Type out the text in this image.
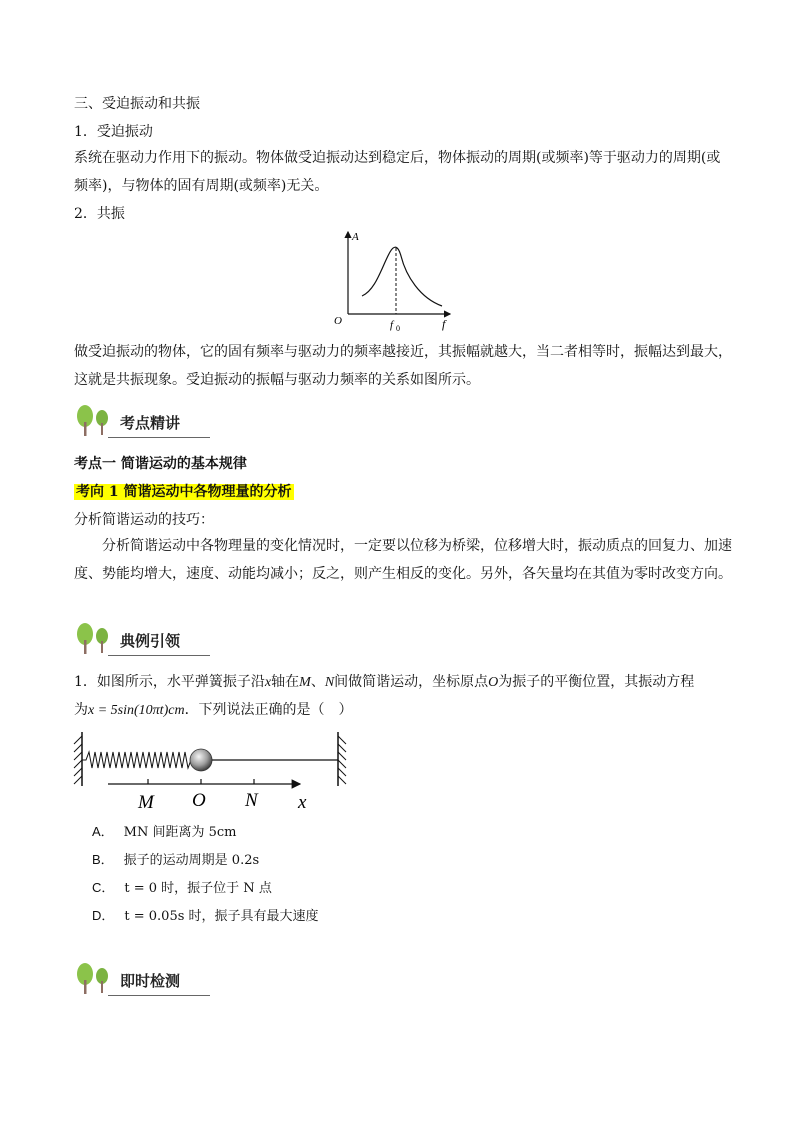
三、受迫振动和共振
1．受迫振动
系统在驱动力作用下的振动。物体做受迫振动达到稳定后，物体振动的周期(或频率)等于驱动力的周期(或频率)，与物体的固有周期(或频率)无关。
2．共振
A
O	f
f 0
做受迫振动的物体，它的固有频率与驱动力的频率越接近，其振幅就越大，当二者相等时，振幅达到最大，这就是共振现象。受迫振动的振幅与驱动力频率的关系如图所示。
考点精讲
考点一 简谐运动的基本规律
考向 1 简谐运动中各物理量的分析
分析简谐运动的技巧：
分析简谐运动中各物理量的变化情况时，一定要以位移为桥梁，位移增大时，振动质点的回复力、加速度、势能均增大，速度、动能均减小；反之，则产生相反的变化。另外，各矢量均在其值为零时改变方向。
典例引领
1．如图所示，水平弹簧振子沿x轴在M、N间做简谐运动，坐标原点O为振子的平衡位置，其振动方程
为x = 5sin(10πt)cm．下列说法正确的是（　）
M O N x
A． MN 间距离为 5cm
B． 振子的运动周期是 0.2s
C． t = 0 时，振子位于 N 点
D． t = 0.05s 时，振子具有最大速度
即时检测
